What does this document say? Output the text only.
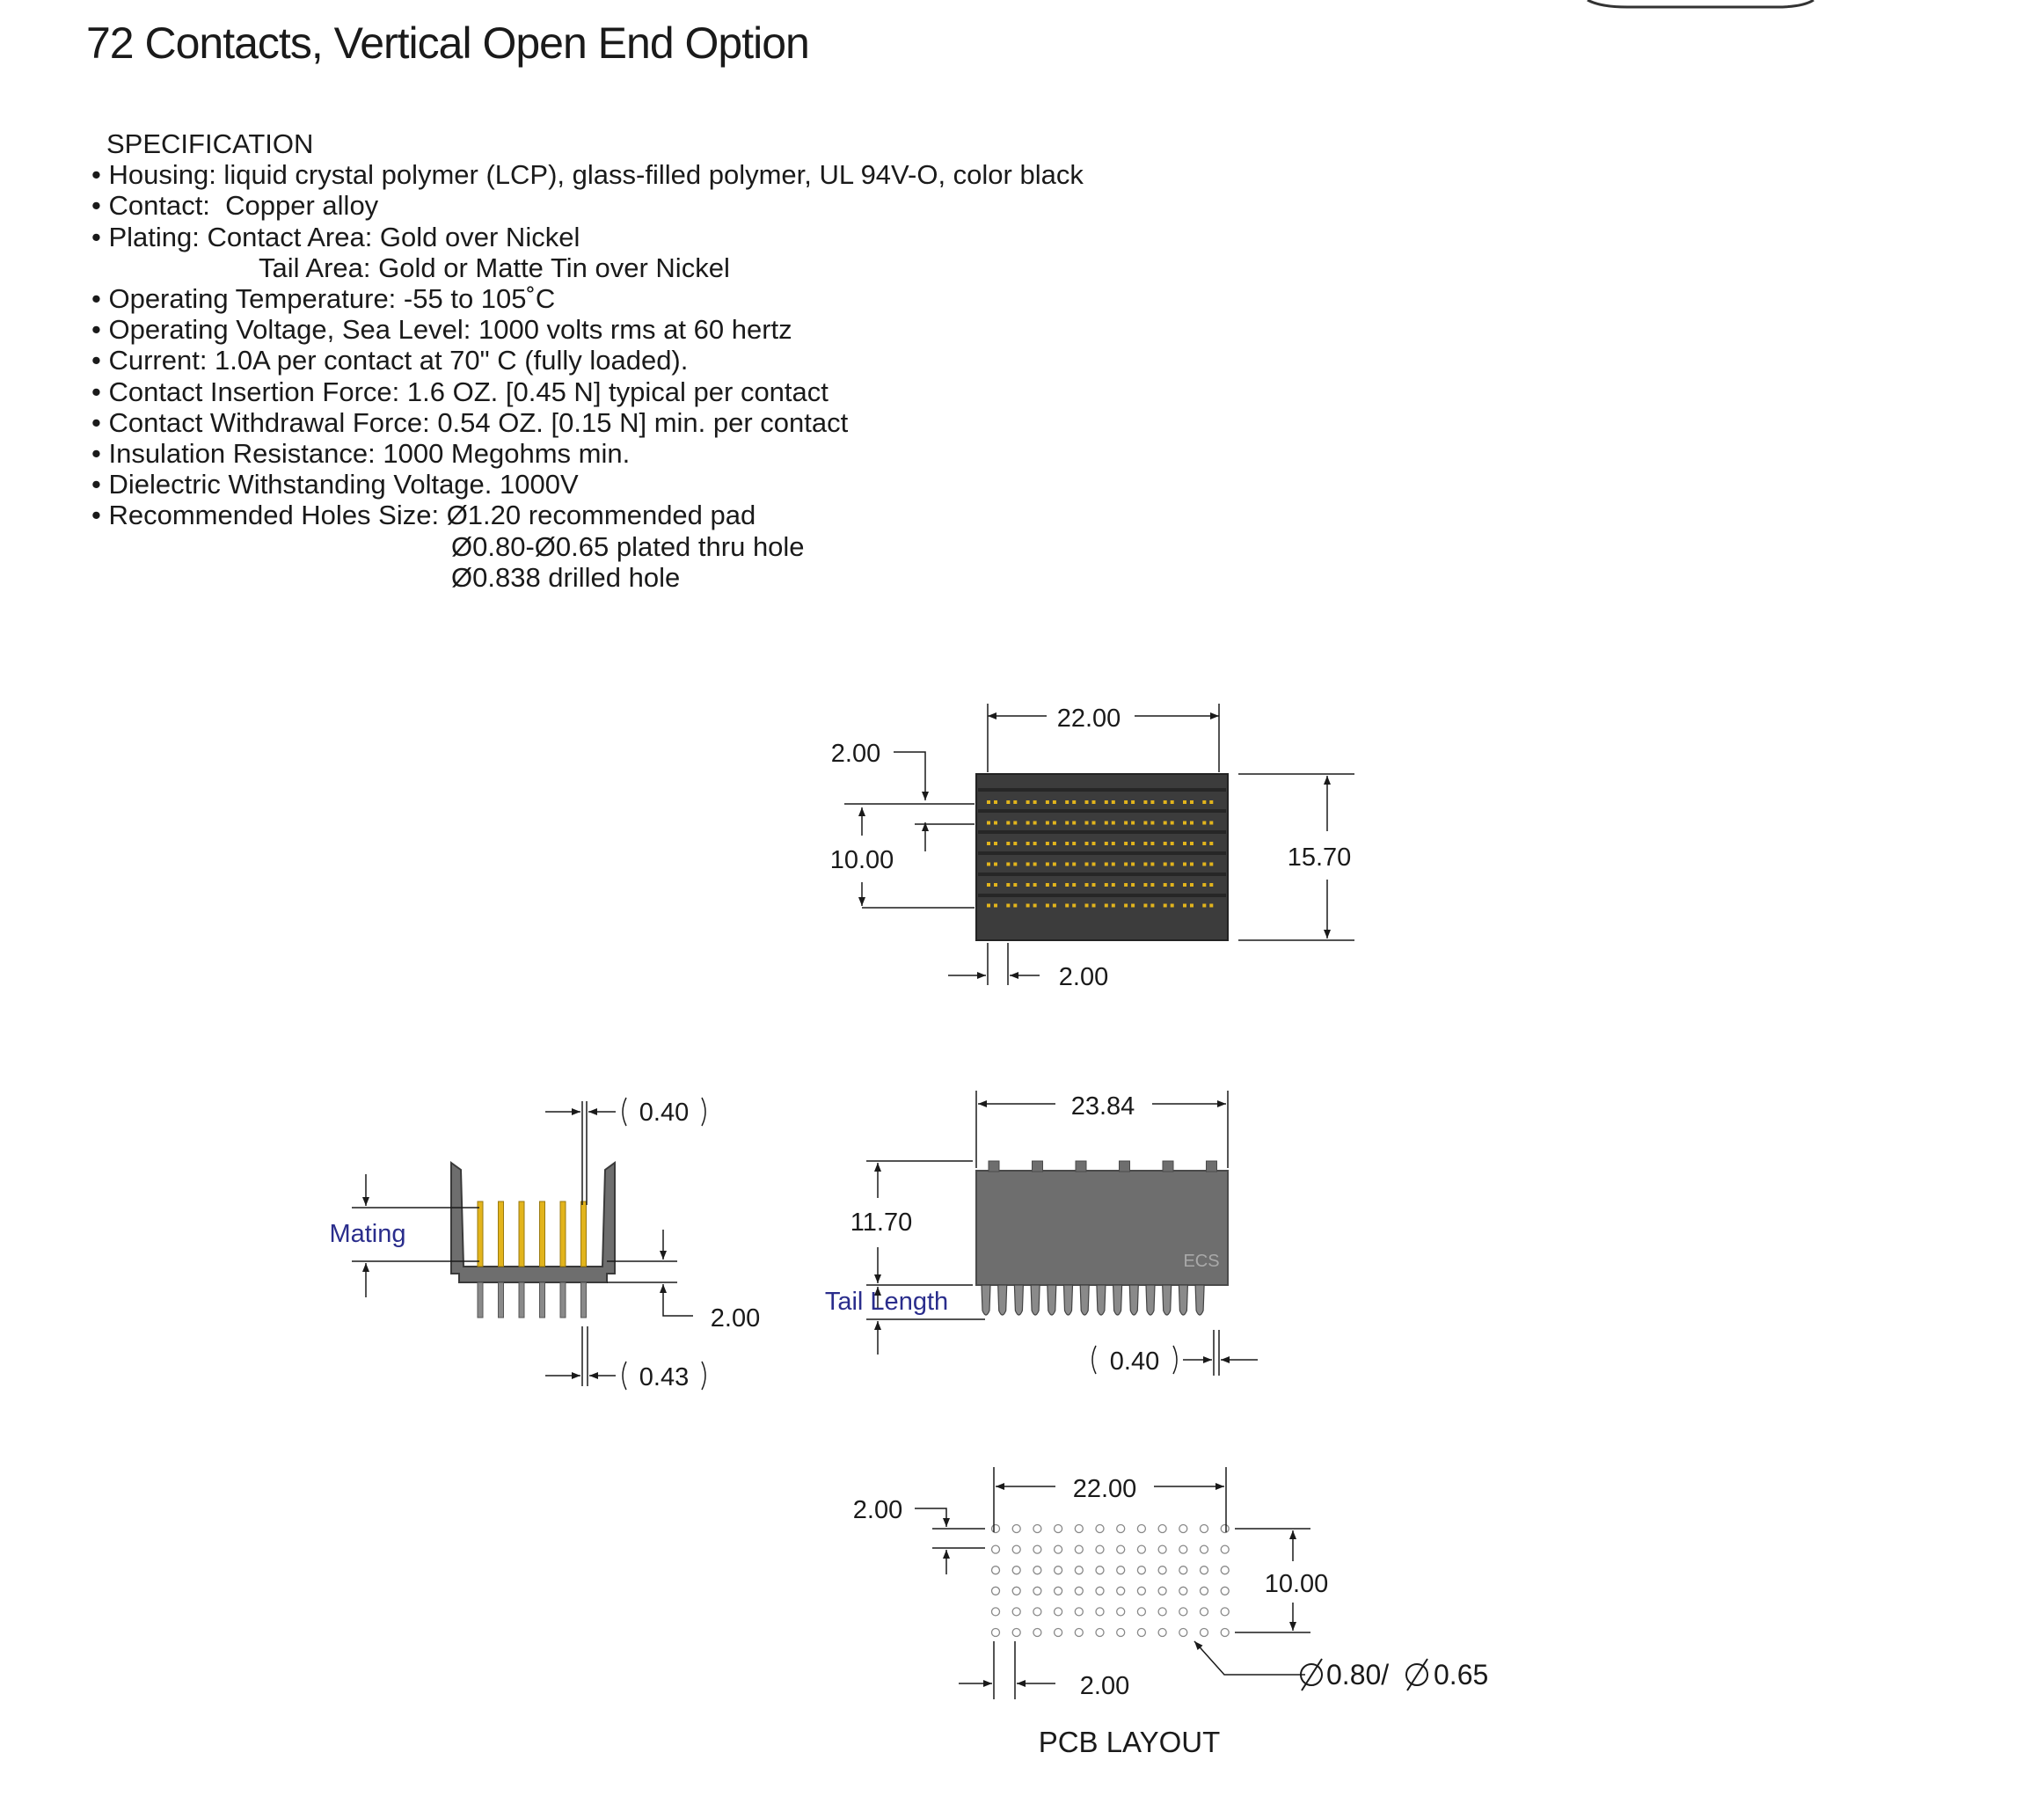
72 Contacts, Vertical Open End Option
SPECIFICATION
• Housing: liquid crystal polymer (LCP), glass-filled polymer, UL 94V-O, color black
• Contact:  Copper alloy
• Plating: Contact Area: Gold over Nickel
Tail Area: Gold or Matte Tin over Nickel
• Operating Temperature: -55 to 105˚C
• Operating Voltage, Sea Level: 1000 volts rms at 60 hertz
• Current: 1.0A per contact at 70" C (fully loaded).
• Contact Insertion Force: 1.6 OZ. [0.45 N] typical per contact
• Contact Withdrawal Force: 0.54 OZ. [0.15 N] min. per contact
• Insulation Resistance: 1000 Megohms min.
• Dielectric Withstanding Voltage. 1000V
• Recommended Holes Size: Ø1.20 recommended pad
Ø0.80-Ø0.65 plated thru hole
Ø0.838 drilled hole
22.00
2.00
10.00	15.70
2.00
0.40
Mating
2.00
0.43
ECS
23.84
11.70
Tail Length
0.40
22.00
2.00
10.00
0.80/ 0.65
2.00
PCB LAYOUT
